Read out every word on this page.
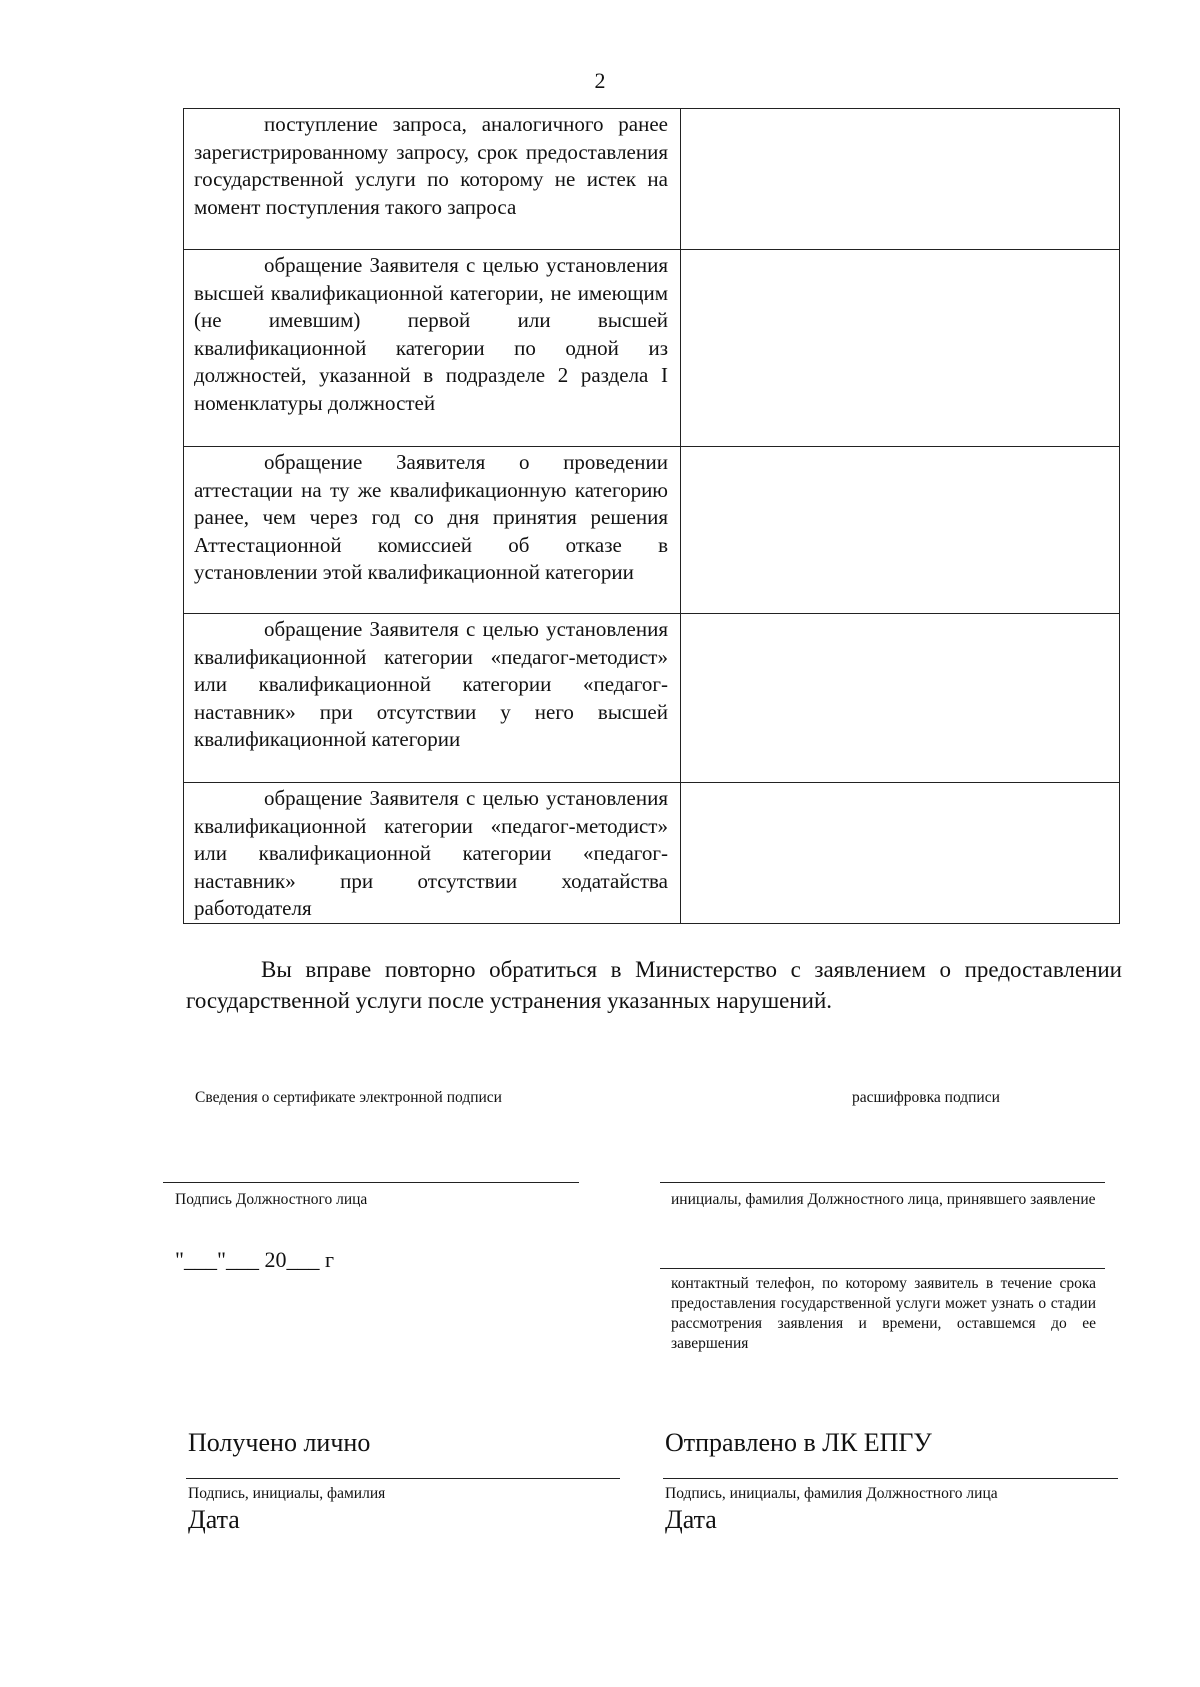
2
поступление запроса, аналогичного ранее зарегистрированному запросу, срок предоставления государственной услуги по которому не истек на момент поступления такого запроса	

обращение Заявителя с целью установления высшей квалификационной категории, не имеющим (не имевшим) первой или высшей квалификационной категории по одной из должностей, указанной в подразделе 2 раздела I номенклатуры должностей	

обращение Заявителя о проведении аттестации на ту же квалификационную категорию ранее, чем через год со дня принятия решения Аттестационной комиссией об отказе в установлении этой квалификационной категории	

обращение Заявителя с целью установления квалификационной категории «педагог-методист» или квалификационной категории «педагог-наставник» при отсутствии у него высшей квалификационной категории	

обращение Заявителя с целью установления квалификационной категории «педагог-методист» или квалификационной категории «педагог-наставник» при отсутствии ходатайства работодателя	

Вы вправе повторно обратиться в Министерство с заявлением о предоставлении государственной услуги после устранения указанных нарушений.
Сведения о сертификате электронной подписи	расшифровка подписи
Подпись Должностного лица	инициалы, фамилия Должностного лица, принявшего заявление
"___"___ 20___ г
контактный телефон, по которому заявитель в течение срока предоставления государственной услуги может узнать о стадии рассмотрения заявления и времени, оставшемся до ее завершения
Получено лично
Подпись, инициалы, фамилия
Дата
Отправлено в ЛК ЕПГУ
Подпись, инициалы, фамилия Должностного лица
Дата
